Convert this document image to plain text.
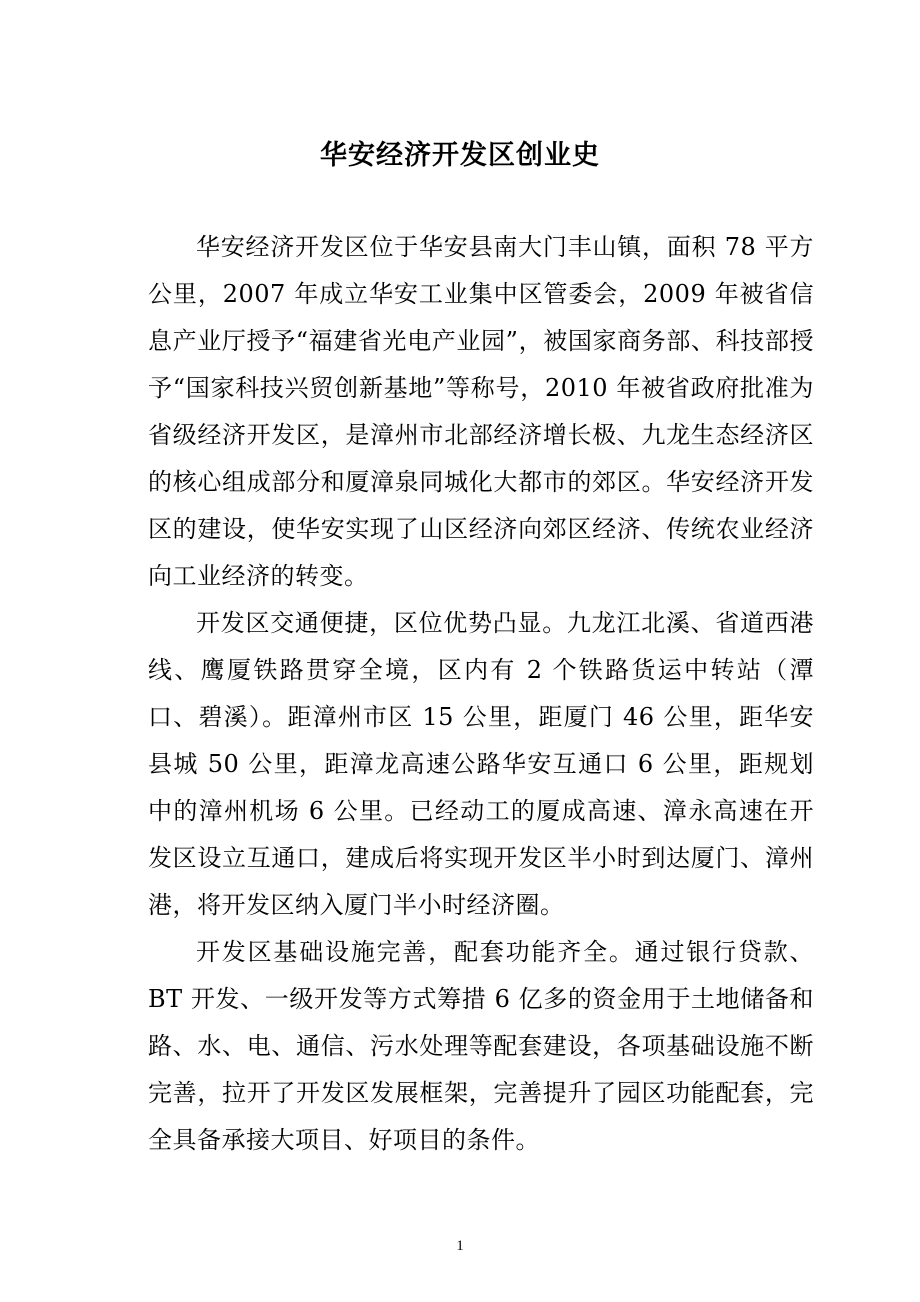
华安经济开发区创业史

华安经济开发区位于华安县南大门丰山镇，面积 78 平方公里，2007 年成立华安工业集中区管委会，2009 年被省信息产业厅授予“福建省光电产业园”，被国家商务部、科技部授予“国家科技兴贸创新基地”等称号，2010 年被省政府批准为省级经济开发区，是漳州市北部经济增长极、九龙生态经济区的核心组成部分和厦漳泉同城化大都市的郊区。华安经济开发区的建设，使华安实现了山区经济向郊区经济、传统农业经济向工业经济的转变。

开发区交通便捷，区位优势凸显。九龙江北溪、省道西港线、鹰厦铁路贯穿全境，区内有 2 个铁路货运中转站（潭口、碧溪）。距漳州市区 15 公里，距厦门 46 公里，距华安县城 50 公里，距漳龙高速公路华安互通口 6 公里，距规划中的漳州机场 6 公里。已经动工的厦成高速、漳永高速在开发区设立互通口，建成后将实现开发区半小时到达厦门、漳州港，将开发区纳入厦门半小时经济圈。

开发区基础设施完善，配套功能齐全。通过银行贷款、BT 开发、一级开发等方式筹措 6 亿多的资金用于土地储备和路、水、电、通信、污水处理等配套建设，各项基础设施不断完善，拉开了开发区发展框架，完善提升了园区功能配套，完全具备承接大项目、好项目的条件。

1
